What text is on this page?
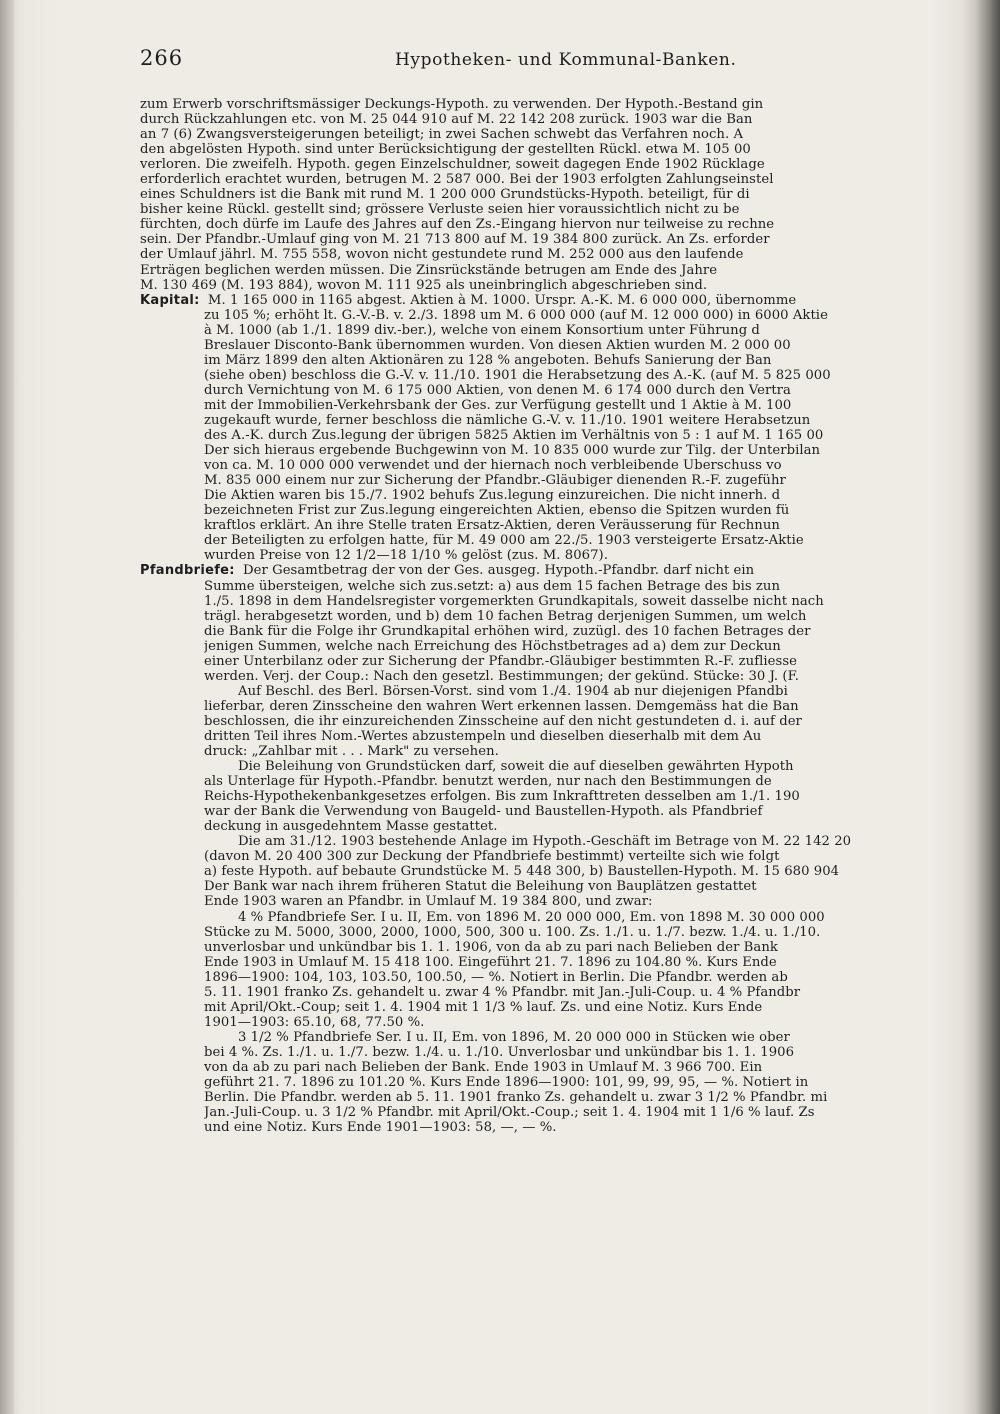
266	Hypotheken- und Kommunal-Banken.
zum Erwerb vorschriftsmässiger Deckungs-Hypoth. zu verwenden. Der Hypoth.-Bestand gin
durch Rückzahlungen etc. von M. 25 044 910 auf M. 22 142 208 zurück. 1903 war die Ban
an 7 (6) Zwangsversteigerungen beteiligt; in zwei Sachen schwebt das Verfahren noch. A
den abgelösten Hypoth. sind unter Berücksichtigung der gestellten Rückl. etwa M. 105 00
verloren. Die zweifelh. Hypoth. gegen Einzelschuldner, soweit dagegen Ende 1902 Rücklage
erforderlich erachtet wurden, betrugen M. 2 587 000. Bei der 1903 erfolgten Zahlungseinstel
eines Schuldners ist die Bank mit rund M. 1 200 000 Grundstücks-Hypoth. beteiligt, für di
bisher keine Rückl. gestellt sind; grössere Verluste seien hier voraussichtlich nicht zu be
fürchten, doch dürfe im Laufe des Jahres auf den Zs.-Eingang hiervon nur teilweise zu rechne
sein. Der Pfandbr.-Umlauf ging von M. 21 713 800 auf M. 19 384 800 zurück. An Zs. erforder
der Umlauf jährl. M. 755 558, wovon nicht gestundete rund M. 252 000 aus den laufende
Erträgen beglichen werden müssen. Die Zinsrückstände betrugen am Ende des Jahre
M. 130 469 (M. 193 884), wovon M. 111 925 als uneinbringlich abgeschrieben sind.
Kapital: M. 1 165 000 in 1165 abgest. Aktien à M. 1000. Urspr. A.-K. M. 6 000 000, übernomme
zu 105 %; erhöht lt. G.-V.-B. v. 2./3. 1898 um M. 6 000 000 (auf M. 12 000 000) in 6000 Aktie
à M. 1000 (ab 1./1. 1899 div.-ber.), welche von einem Konsortium unter Führung d
Breslauer Disconto-Bank übernommen wurden. Von diesen Aktien wurden M. 2 000 00
im März 1899 den alten Aktionären zu 128 % angeboten. Behufs Sanierung der Ban
(siehe oben) beschloss die G.-V. v. 11./10. 1901 die Herabsetzung des A.-K. (auf M. 5 825 000
durch Vernichtung von M. 6 175 000 Aktien, von denen M. 6 174 000 durch den Vertra
mit der Immobilien-Verkehrsbank der Ges. zur Verfügung gestellt und 1 Aktie à M. 100
zugekauft wurde, ferner beschloss die nämliche G.-V. v. 11./10. 1901 weitere Herabsetzun
des A.-K. durch Zus.legung der übrigen 5825 Aktien im Verhältnis von 5 : 1 auf M. 1 165 00
Der sich hieraus ergebende Buchgewinn von M. 10 835 000 wurde zur Tilg. der Unterbilan
von ca. M. 10 000 000 verwendet und der hiernach noch verbleibende Überschuss vo
M. 835 000 einem nur zur Sicherung der Pfandbr.-Gläubiger dienenden R.-F. zugeführ
Die Aktien waren bis 15./7. 1902 behufs Zus.legung einzureichen. Die nicht innerh. d
bezeichneten Frist zur Zus.legung eingereichten Aktien, ebenso die Spitzen wurden fü
kraftlos erklärt. An ihre Stelle traten Ersatz-Aktien, deren Veräusserung für Rechnun
der Beteiligten zu erfolgen hatte, für M. 49 000 am 22./5. 1903 versteigerte Ersatz-Aktie
wurden Preise von 12 1/2—18 1/10 % gelöst (zus. M. 8067).
Pfandbriefe: Der Gesamtbetrag der von der Ges. ausgeg. Hypoth.-Pfandbr. darf nicht ein
Summe übersteigen, welche sich zus.setzt: a) aus dem 15 fachen Betrage des bis zun
1./5. 1898 in dem Handelsregister vorgemerkten Grundkapitals, soweit dasselbe nicht nach
trägl. herabgesetzt worden, und b) dem 10 fachen Betrag derjenigen Summen, um welch
die Bank für die Folge ihr Grundkapital erhöhen wird, zuzügl. des 10 fachen Betrages der
jenigen Summen, welche nach Erreichung des Höchstbetrages ad a) dem zur Deckun
einer Unterbilanz oder zur Sicherung der Pfandbr.-Gläubiger bestimmten R.-F. zufliesse
werden. Verj. der Coup.: Nach den gesetzl. Bestimmungen; der gekünd. Stücke: 30 J. (F.
Auf Beschl. des Berl. Börsen-Vorst. sind vom 1./4. 1904 ab nur diejenigen Pfandbi
lieferbar, deren Zinsscheine den wahren Wert erkennen lassen. Demgemäss hat die Ban
beschlossen, die ihr einzureichenden Zinsscheine auf den nicht gestundeten d. i. auf der
dritten Teil ihres Nom.-Wertes abzustempeln und dieselben dieserhalb mit dem Au
druck: „Zahlbar mit . . . Mark" zu versehen.
Die Beleihung von Grundstücken darf, soweit die auf dieselben gewährten Hypoth
als Unterlage für Hypoth.-Pfandbr. benutzt werden, nur nach den Bestimmungen de
Reichs-Hypothekenbankgesetzes erfolgen. Bis zum Inkrafttreten desselben am 1./1. 190
war der Bank die Verwendung von Baugeld- und Baustellen-Hypoth. als Pfandbrief
deckung in ausgedehntem Masse gestattet.
Die am 31./12. 1903 bestehende Anlage im Hypoth.-Geschäft im Betrage von M. 22 142 20
(davon M. 20 400 300 zur Deckung der Pfandbriefe bestimmt) verteilte sich wie folgt
a) feste Hypoth. auf bebaute Grundstücke M. 5 448 300, b) Baustellen-Hypoth. M. 15 680 904
Der Bank war nach ihrem früheren Statut die Beleihung von Bauplätzen gestattet
Ende 1903 waren an Pfandbr. in Umlauf M. 19 384 800, und zwar:
4 % Pfandbriefe Ser. I u. II, Em. von 1896 M. 20 000 000, Em. von 1898 M. 30 000 000
Stücke zu M. 5000, 3000, 2000, 1000, 500, 300 u. 100. Zs. 1./1. u. 1./7. bezw. 1./4. u. 1./10.
unverlosbar und unkündbar bis 1. 1. 1906, von da ab zu pari nach Belieben der Bank
Ende 1903 in Umlauf M. 15 418 100. Eingeführt 21. 7. 1896 zu 104.80 %. Kurs Ende
1896—1900: 104, 103, 103.50, 100.50, — %. Notiert in Berlin. Die Pfandbr. werden ab
5. 11. 1901 franko Zs. gehandelt u. zwar 4 % Pfandbr. mit Jan.-Juli-Coup. u. 4 % Pfandbr
mit April/Okt.-Coup; seit 1. 4. 1904 mit 1 1/3 % lauf. Zs. und eine Notiz. Kurs Ende
1901—1903: 65.10, 68, 77.50 %.
3 1/2 % Pfandbriefe Ser. I u. II, Em. von 1896, M. 20 000 000 in Stücken wie ober
bei 4 %. Zs. 1./1. u. 1./7. bezw. 1./4. u. 1./10. Unverlosbar und unkündbar bis 1. 1. 1906
von da ab zu pari nach Belieben der Bank. Ende 1903 in Umlauf M. 3 966 700. Ein
geführt 21. 7. 1896 zu 101.20 %. Kurs Ende 1896—1900: 101, 99, 99, 95, — %. Notiert in
Berlin. Die Pfandbr. werden ab 5. 11. 1901 franko Zs. gehandelt u. zwar 3 1/2 % Pfandbr. mi
Jan.-Juli-Coup. u. 3 1/2 % Pfandbr. mit April/Okt.-Coup.; seit 1. 4. 1904 mit 1 1/6 % lauf. Zs
und eine Notiz. Kurs Ende 1901—1903: 58, —, — %.
